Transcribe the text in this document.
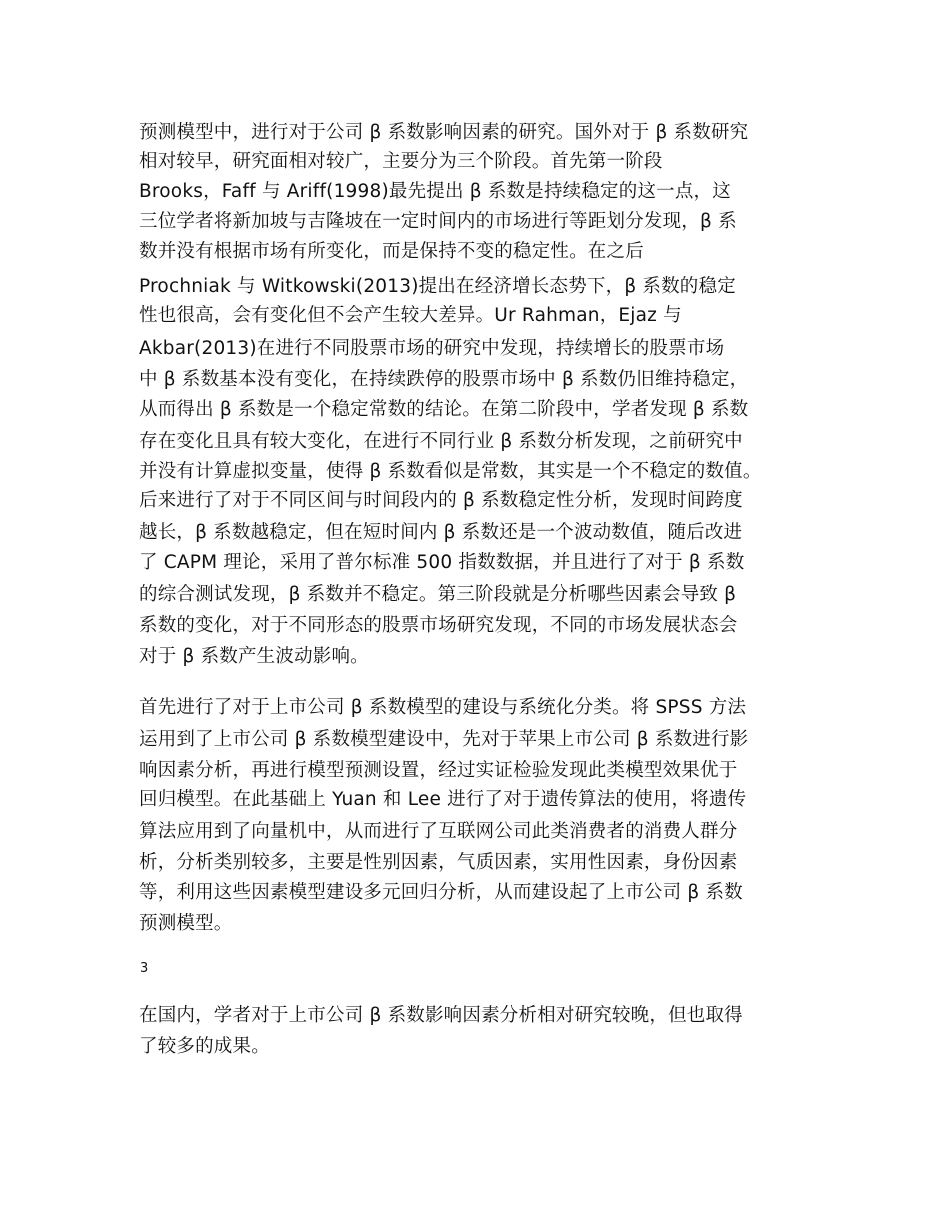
预测模型中，进行对于公司 β 系数影响因素的研究。国外对于 β 系数研究
相对较早，研究面相对较广，主要分为三个阶段。首先第一阶段
Brooks，Faff 与 Ariff(1998)最先提出 β 系数是持续稳定的这一点，这
三位学者将新加坡与吉隆坡在一定时间内的市场进行等距划分发现，β 系
数并没有根据市场有所变化，而是保持不变的稳定性。在之后
Prochniak 与 Witkowski(2013)提出在经济增长态势下，β 系数的稳定
性也很高，会有变化但不会产生较大差异。Ur Rahman，Ejaz 与
Akbar(2013)在进行不同股票市场的研究中发现，持续增长的股票市场
中 β 系数基本没有变化，在持续跌停的股票市场中 β 系数仍旧维持稳定，
从而得出 β 系数是一个稳定常数的结论。在第二阶段中，学者发现 β 系数
存在变化且具有较大变化，在进行不同行业 β 系数分析发现，之前研究中
并没有计算虚拟变量，使得 β 系数看似是常数，其实是一个不稳定的数值。
后来进行了对于不同区间与时间段内的 β 系数稳定性分析，发现时间跨度
越长，β 系数越稳定，但在短时间内 β 系数还是一个波动数值，随后改进
了 CAPM 理论，采用了普尔标准 500 指数数据，并且进行了对于 β 系数
的综合测试发现，β 系数并不稳定。第三阶段就是分析哪些因素会导致 β
系数的变化，对于不同形态的股票市场研究发现，不同的市场发展状态会
对于 β 系数产生波动影响。
首先进行了对于上市公司 β 系数模型的建设与系统化分类。将 SPSS 方法
运用到了上市公司 β 系数模型建设中，先对于苹果上市公司 β 系数进行影
响因素分析，再进行模型预测设置，经过实证检验发现此类模型效果优于
回归模型。在此基础上 Yuan 和 Lee 进行了对于遗传算法的使用，将遗传
算法应用到了向量机中，从而进行了互联网公司此类消费者的消费人群分
析，分析类别较多，主要是性别因素，气质因素，实用性因素，身份因素
等，利用这些因素模型建设多元回归分析，从而建设起了上市公司 β 系数
预测模型。
3
在国内，学者对于上市公司 β 系数影响因素分析相对研究较晚，但也取得
了较多的成果。
